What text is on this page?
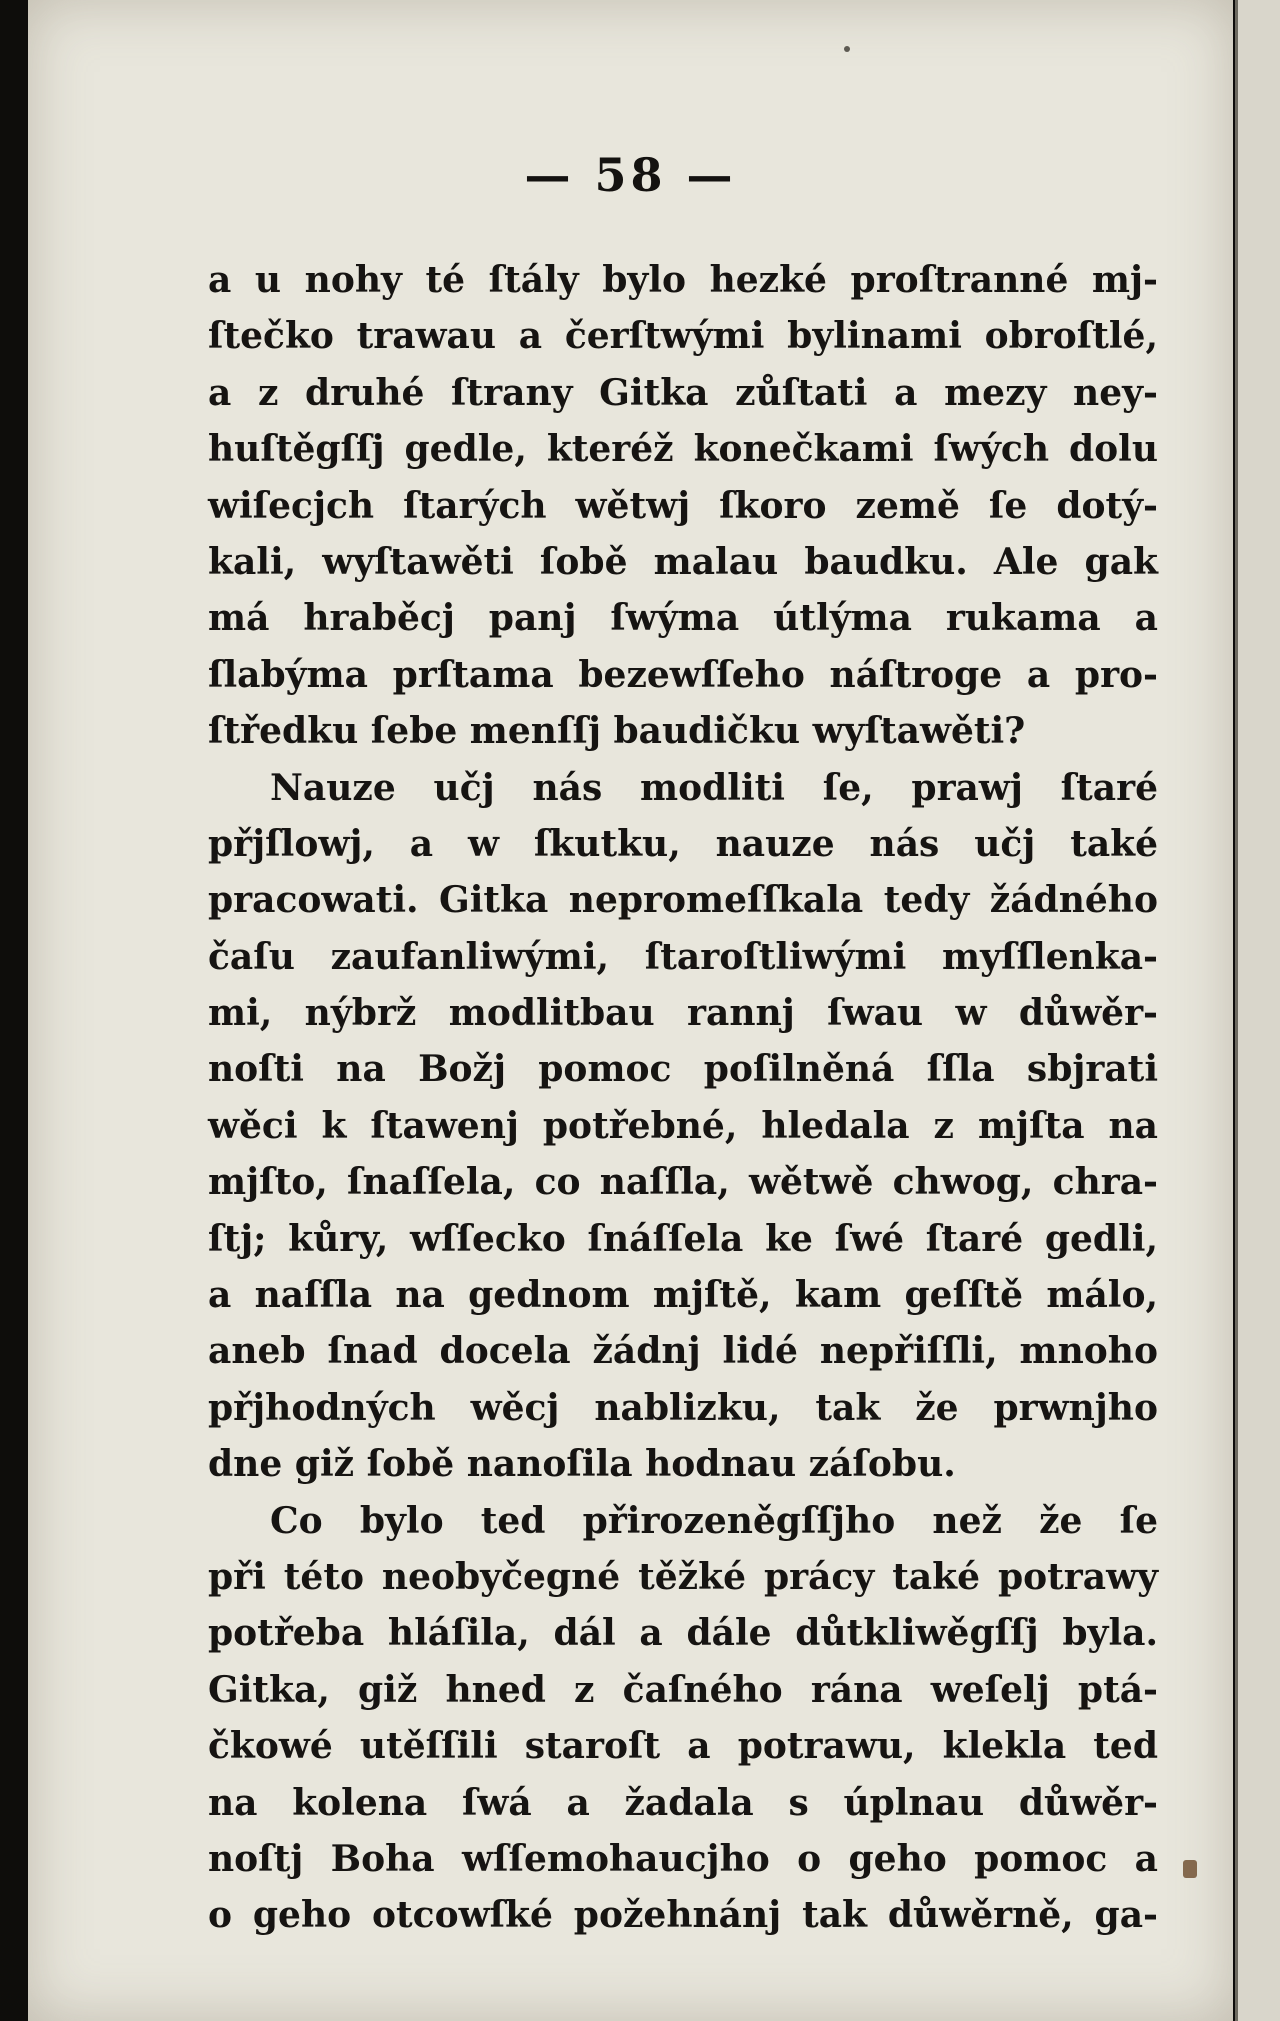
— 58 —
a u nohy té ſtály bylo hezké proſtranné mj-
ſtečko trawau a čerſtwými bylinami obroſtlé,
a z druhé ſtrany Gitka zůſtati a mezy ney-
huſtěgſſj gedle, kteréž konečkami ſwých dolu
wiſecjch ſtarých wětwj ſkoro země ſe dotý-
kali, wyſtawěti ſobě malau baudku. Ale gak
má hraběcj panj ſwýma útlýma rukama a
ſlabýma prſtama bezewſſeho náſtroge a pro-
ſtředku ſebe menſſj baudičku wyſtawěti?
Nauze učj nás modliti ſe, prawj ſtaré
přjſlowj, a w ſkutku, nauze nás učj také
pracowati. Gitka nepromeſſkala tedy žádného
čaſu zaufanliwými, ſtaroſtliwými myſſlenka-
mi, nýbrž modlitbau rannj ſwau w důwěr-
noſti na Božj pomoc poſilněná ſſla sbjrati
wěci k ſtawenj potřebné, hledala z mjſta na
mjſto, ſnaſſela, co naſſla, wětwě chwog, chra-
ſtj; kůry, wſſecko ſnáſſela ke ſwé ſtaré gedli,
a naſſla na gednom mjſtě, kam geſſtě málo,
aneb ſnad docela žádnj lidé nepřiſſli, mnoho
přjhodných wěcj nablizku, tak že prwnjho
dne giž ſobě nanoſila hodnau záſobu.
Co bylo ted přirozeněgſſjho než že ſe
při této neobyčegné těžké prácy také potrawy
potřeba hláſila, dál a dále důtkliwěgſſj byla.
Gitka, giž hned z čaſného rána weſelj ptá-
čkowé utěſſili staroſt a potrawu, klekla ted
na kolena ſwá a žadala s úplnau důwěr-
noſtj Boha wſſemohaucjho o geho pomoc a
o geho otcowſké požehnánj tak důwěrně, ga-
